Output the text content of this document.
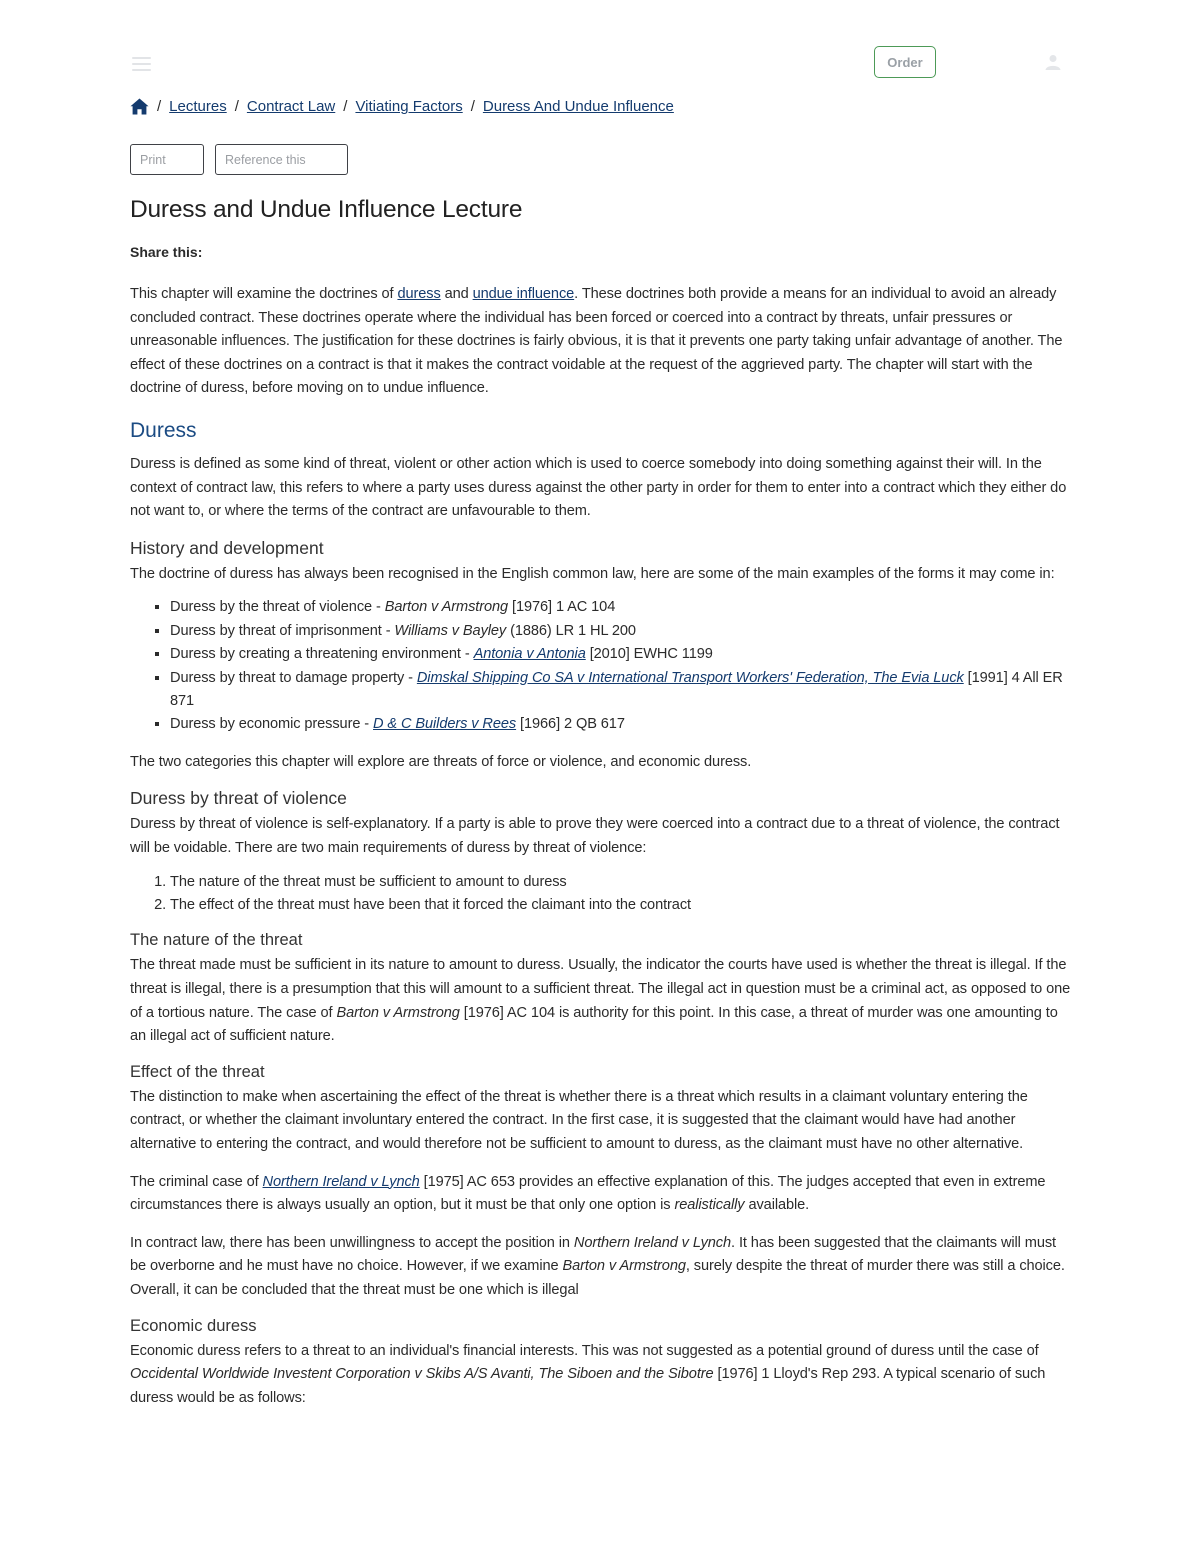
Order
/ Lectures / Contract Law / Vitiating Factors / Duress And Undue Influence
Print	Reference this
Duress and Undue Influence Lecture
Share this:

This chapter will examine the doctrines of duress and undue influence. These doctrines both provide a means for an individual to avoid an already concluded contract. These doctrines operate where the individual has been forced or coerced into a contract by threats, unfair pressures or unreasonable influences. The justification for these doctrines is fairly obvious, it is that it prevents one party taking unfair advantage of another. The effect of these doctrines on a contract is that it makes the contract voidable at the request of the aggrieved party. The chapter will start with the doctrine of duress, before moving on to undue influence.

Duress

Duress is defined as some kind of threat, violent or other action which is used to coerce somebody into doing something against their will. In the context of contract law, this refers to where a party uses duress against the other party in order for them to enter into a contract which they either do not want to, or where the terms of the contract are unfavourable to them.

History and development

The doctrine of duress has always been recognised in the English common law, here are some of the main examples of the forms it may come in:

▪ Duress by the threat of violence - Barton v Armstrong [1976] 1 AC 104
▪ Duress by threat of imprisonment - Williams v Bayley (1886) LR 1 HL 200
▪ Duress by creating a threatening environment - Antonia v Antonia [2010] EWHC 1199
▪ Duress by threat to damage property - Dimskal Shipping Co SA v International Transport Workers' Federation, The Evia Luck [1991] 4 All ER 871
▪ Duress by economic pressure - D & C Builders v Rees [1966] 2 QB 617

The two categories this chapter will explore are threats of force or violence, and economic duress.

Duress by threat of violence

Duress by threat of violence is self-explanatory. If a party is able to prove they were coerced into a contract due to a threat of violence, the contract will be voidable. There are two main requirements of duress by threat of violence:

1. The nature of the threat must be sufficient to amount to duress
2. The effect of the threat must have been that it forced the claimant into the contract
The nature of the threat

The threat made must be sufficient in its nature to amount to duress. Usually, the indicator the courts have used is whether the threat is illegal. If the threat is illegal, there is a presumption that this will amount to a sufficient threat. The illegal act in question must be a criminal act, as opposed to one of a tortious nature. The case of Barton v Armstrong [1976] AC 104 is authority for this point. In this case, a threat of murder was one amounting to an illegal act of sufficient nature.

Effect of the threat

The distinction to make when ascertaining the effect of the threat is whether there is a threat which results in a claimant voluntary entering the contract, or whether the claimant involuntary entered the contract. In the first case, it is suggested that the claimant would have had another alternative to entering the contract, and would therefore not be sufficient to amount to duress, as the claimant must have no other alternative.

The criminal case of Northern Ireland v Lynch [1975] AC 653 provides an effective explanation of this. The judges accepted that even in extreme circumstances there is always usually an option, but it must be that only one option is realistically available.

In contract law, there has been unwillingness to accept the position in Northern Ireland v Lynch. It has been suggested that the claimants will must be overborne and he must have no choice. However, if we examine Barton v Armstrong, surely despite the threat of murder there was still a choice. Overall, it can be concluded that the threat must be one which is illegal

Economic duress

Economic duress refers to a threat to an individual's financial interests. This was not suggested as a potential ground of duress until the case of Occidental Worldwide Investent Corporation v Skibs A/S Avanti, The Siboen and the Sibotre [1976] 1 Lloyd's Rep 293. A typical scenario of such duress would be as follows:
